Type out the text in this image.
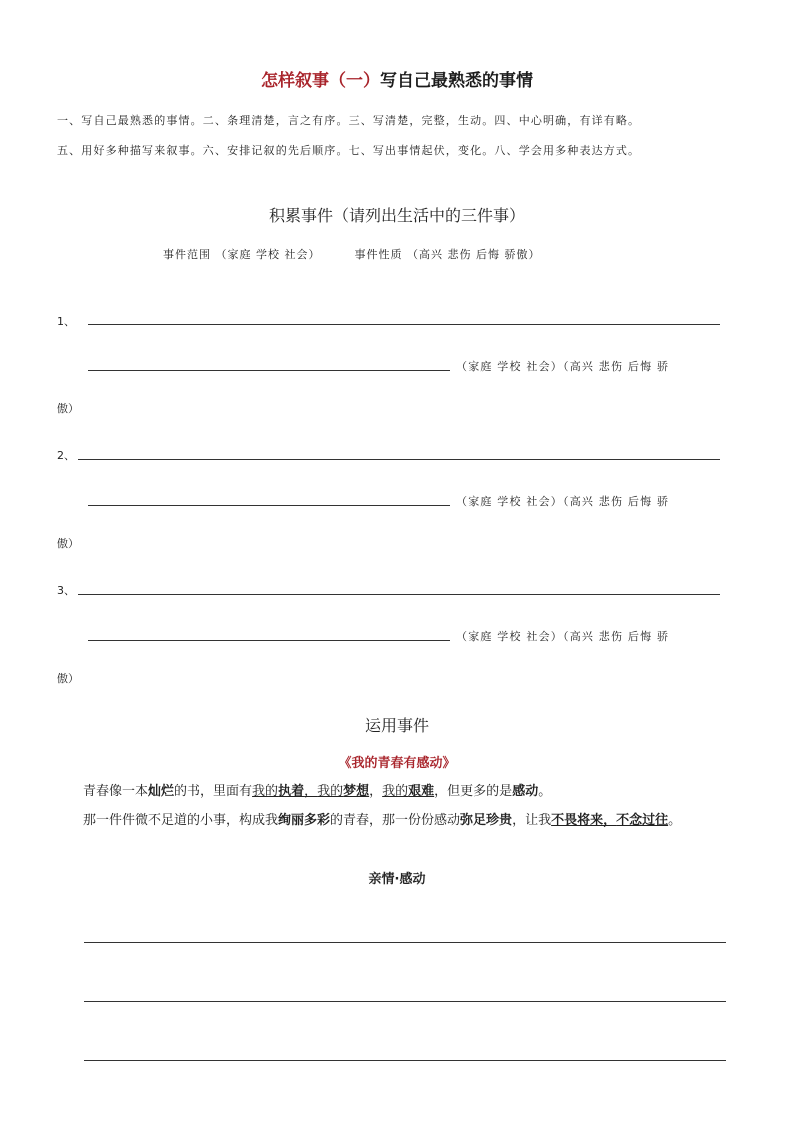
怎样叙事（一）写自己最熟悉的事情
一、写自己最熟悉的事情。二、条理清楚，言之有序。三、写清楚，完整，生动。四、中心明确，有详有略。
五、用好多种描写来叙事。六、安排记叙的先后顺序。七、写出事情起伏，变化。八、学会用多种表达方式。
积累事件（请列出生活中的三件事）
事件范围 （家庭 学校 社会）	事件性质 （高兴 悲伤 后悔 骄傲）
1、
（家庭 学校 社会）（高兴 悲伤 后悔 骄
傲）
2、
（家庭 学校 社会）（高兴 悲伤 后悔 骄
傲）
3、
（家庭 学校 社会）（高兴 悲伤 后悔 骄
傲）
运用事件
《我的青春有感动》
青春像一本灿烂的书，里面有我的执着，我的梦想，我的艰难，但更多的是感动。
那一件件微不足道的小事，构成我绚丽多彩的青春，那一份份感动弥足珍贵，让我不畏将来，不念过往。
亲情·感动
